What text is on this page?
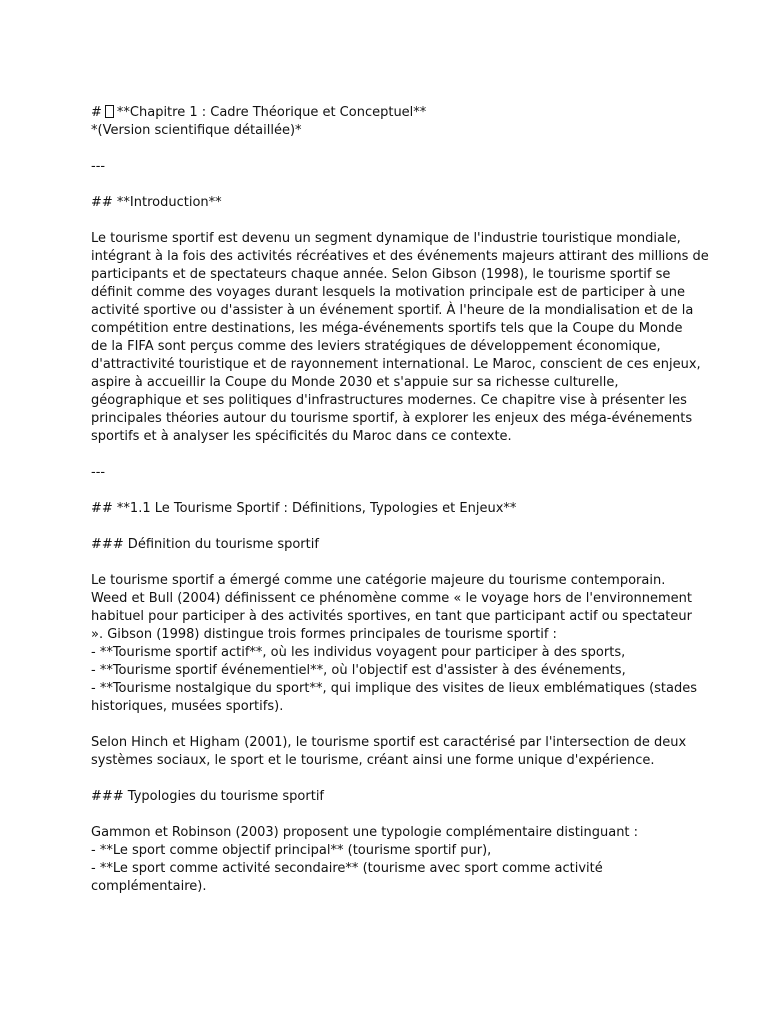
# **Chapitre 1 : Cadre Théorique et Conceptuel**
*(Version scientifique détaillée)*
---
## **Introduction**
Le tourisme sportif est devenu un segment dynamique de l'industrie touristique mondiale,
intégrant à la fois des activités récréatives et des événements majeurs attirant des millions de
participants et de spectateurs chaque année. Selon Gibson (1998), le tourisme sportif se
définit comme des voyages durant lesquels la motivation principale est de participer à une
activité sportive ou d'assister à un événement sportif. À l'heure de la mondialisation et de la
compétition entre destinations, les méga-événements sportifs tels que la Coupe du Monde
de la FIFA sont perçus comme des leviers stratégiques de développement économique,
d'attractivité touristique et de rayonnement international. Le Maroc, conscient de ces enjeux,
aspire à accueillir la Coupe du Monde 2030 et s'appuie sur sa richesse culturelle,
géographique et ses politiques d'infrastructures modernes. Ce chapitre vise à présenter les
principales théories autour du tourisme sportif, à explorer les enjeux des méga-événements
sportifs et à analyser les spécificités du Maroc dans ce contexte.
---
## **1.1 Le Tourisme Sportif : Définitions, Typologies et Enjeux**
### Définition du tourisme sportif
Le tourisme sportif a émergé comme une catégorie majeure du tourisme contemporain.
Weed et Bull (2004) définissent ce phénomène comme « le voyage hors de l'environnement
habituel pour participer à des activités sportives, en tant que participant actif ou spectateur
». Gibson (1998) distingue trois formes principales de tourisme sportif :
- **Tourisme sportif actif**, où les individus voyagent pour participer à des sports,
- **Tourisme sportif événementiel**, où l'objectif est d'assister à des événements,
- **Tourisme nostalgique du sport**, qui implique des visites de lieux emblématiques (stades
historiques, musées sportifs).
Selon Hinch et Higham (2001), le tourisme sportif est caractérisé par l'intersection de deux
systèmes sociaux, le sport et le tourisme, créant ainsi une forme unique d'expérience.
### Typologies du tourisme sportif
Gammon et Robinson (2003) proposent une typologie complémentaire distinguant :
- **Le sport comme objectif principal** (tourisme sportif pur),
- **Le sport comme activité secondaire** (tourisme avec sport comme activité
complémentaire).
